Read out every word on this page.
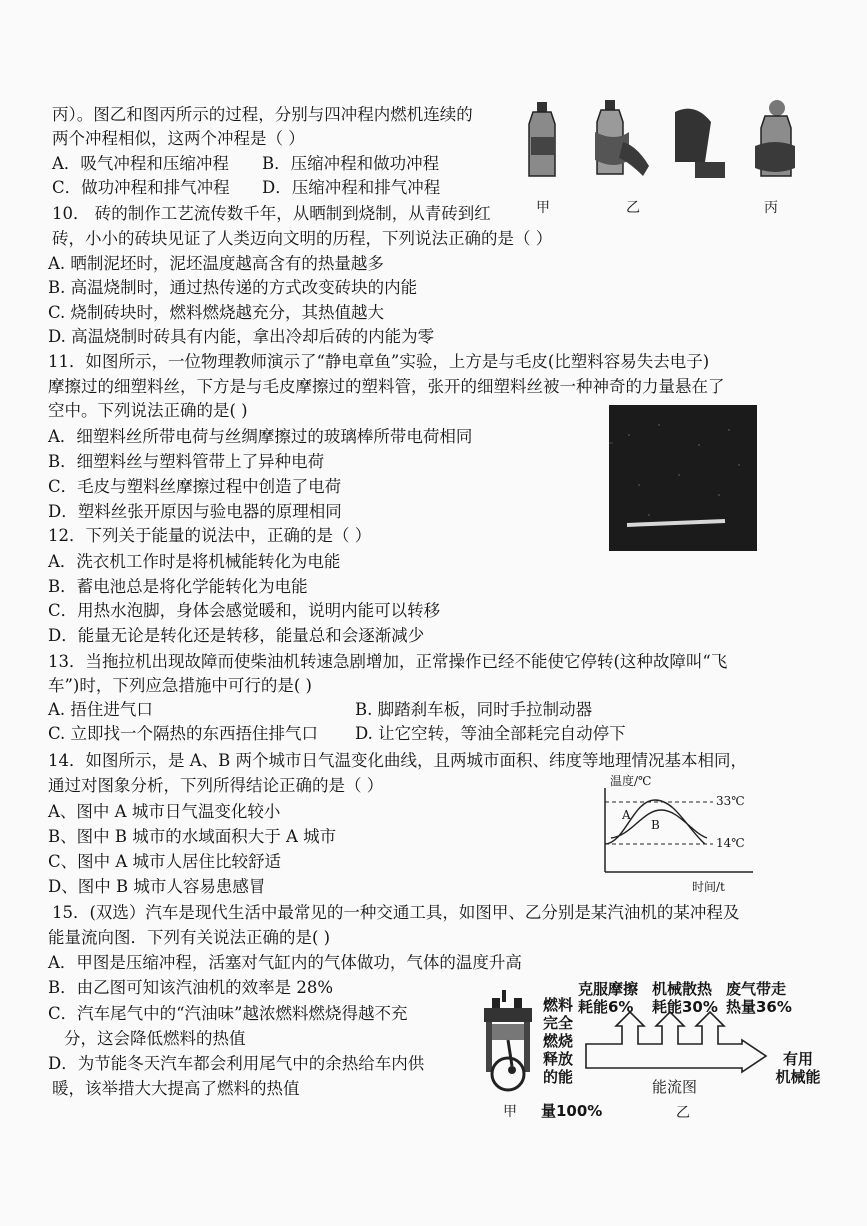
丙）。图乙和图丙所示的过程，分别与四冲程内燃机连续的
两个冲程相似，这两个冲程是（ ）
A．吸气冲程和压缩冲程 B．压缩冲程和做功冲程
C．做功冲程和排气冲程 D．压缩冲程和排气冲程
甲	乙	丙
10． 砖的制作工艺流传数千年，从晒制到烧制，从青砖到红
砖，小小的砖块见证了人类迈向文明的历程，下列说法正确的是（ ）
A. 晒制泥坯时，泥坯温度越高含有的热量越多
B. 高温烧制时，通过热传递的方式改变砖块的内能
C. 烧制砖块时，燃料燃烧越充分，其热值越大
D. 高温烧制时砖具有内能，拿出冷却后砖的内能为零
11．如图所示，一位物理教师演示了“静电章鱼”实验，上方是与毛皮(比塑料容易失去电子)
摩擦过的细塑料丝，下方是与毛皮摩擦过的塑料管，张开的细塑料丝被一种神奇的力量悬在了
空中。下列说法正确的是( )
A．细塑料丝所带电荷与丝绸摩擦过的玻璃棒所带电荷相同
B．细塑料丝与塑料管带上了异种电荷
C．毛皮与塑料丝摩擦过程中创造了电荷
D．塑料丝张开原因与验电器的原理相同
12．下列关于能量的说法中，正确的是（ ）
A．洗衣机工作时是将机械能转化为电能
B．蓄电池总是将化学能转化为电能
C．用热水泡脚，身体会感觉暖和，说明内能可以转移
D．能量无论是转化还是转移，能量总和会逐渐减少
13．当拖拉机出现故障而使柴油机转速急剧增加，正常操作已经不能使它停转(这种故障叫“飞
车”)时，下列应急措施中可行的是( )
A. 捂住进气口	B. 脚踏刹车板，同时手拉制动器
C. 立即找一个隔热的东西捂住排气口 D. 让它空转，等油全部耗完自动停下
14．如图所示，是 A、B 两个城市日气温变化曲线，且两城市面积、纬度等地理情况基本相同，
通过对图象分析，下列所得结论正确的是（ ）
A、图中 A 城市日气温变化较小
B、图中 B 城市的水域面积大于 A 城市
C、图中 A 城市人居住比较舒适
D、图中 B 城市人容易患感冒
温度/℃
时间/t
33℃
14℃
A
B
15．(双选）汽车是现代生活中最常见的一种交通工具，如图甲、乙分别是某汽油机的某冲程及
能量流向图．下列有关说法正确的是( )
A．甲图是压缩冲程，活塞对气缸内的气体做功，气体的温度升高
B．由乙图可知该汽油机的效率是 28%
C．汽车尾气中的“汽油味”越浓燃料燃烧得越不充
分，这会降低燃料的热值
D．为节能冬天汽车都会利用尾气中的余热给车内供
暖，该举措大大提高了燃料的热值
甲
燃料
完全
燃烧
释放
的能
量100%
克服摩擦
耗能6%
机械散热
耗能30%
废气带走
热量36%
有用
机械能
能流图
乙
